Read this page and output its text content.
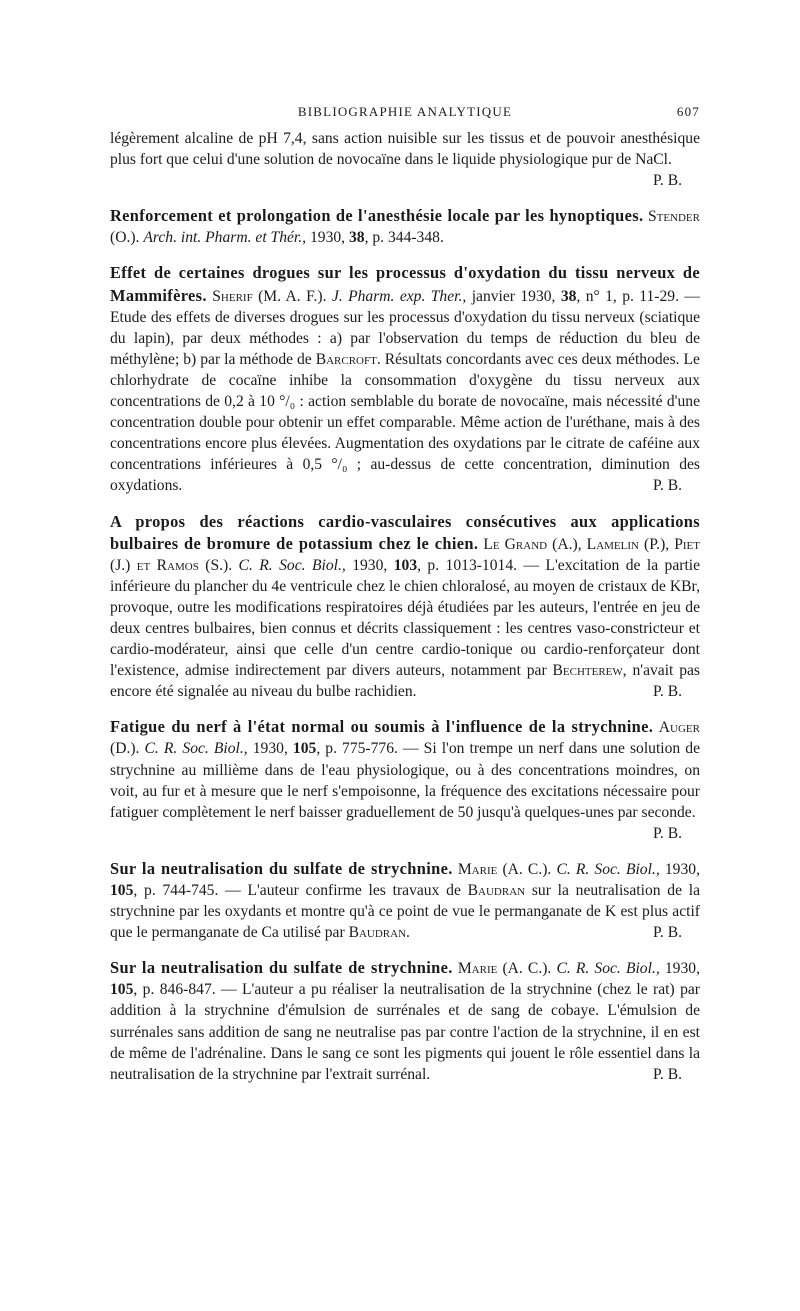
BIBLIOGRAPHIE ANALYTIQUE	607

légèrement alcaline de pH 7,4, sans action nuisible sur les tissus et de pouvoir anesthésique plus fort que celui d'une solution de novocaïne dans le liquide physiologique pur de NaCl.
P. B.

Renforcement et prolongation de l'anesthésie locale par les hynoptiques. Stender (O.). Arch. int. Pharm. et Thér., 1930, 38, p. 344-348.

Effet de certaines drogues sur les processus d'oxydation du tissu nerveux de Mammifères. Sherif (M. A. F.). J. Pharm. exp. Ther., janvier 1930, 38, n° 1, p. 11-29. — Etude des effets de diverses drogues sur les processus d'oxydation du tissu nerveux (sciatique du lapin), par deux méthodes : a) par l'observation du temps de réduction du bleu de méthylène; b) par la méthode de Barcroft. Résultats concordants avec ces deux méthodes. Le chlorhydrate de cocaïne inhibe la consommation d'oxygène du tissu nerveux aux concentrations de 0,2 à 10 °/₀ : action semblable du borate de novocaïne, mais nécessité d'une concentration double pour obtenir un effet comparable. Même action de l'uréthane, mais à des concentrations encore plus élevées. Augmentation des oxydations par le citrate de caféine aux concentrations inférieures à 0,5 °/₀ ; au-dessus de cette concentration, diminution des oxydations.	P. B.

A propos des réactions cardio-vasculaires consécutives aux applications bulbaires de bromure de potassium chez le chien. Le Grand (A.), Lamelin (P.), Piet (J.) et Ramos (S.). C. R. Soc. Biol., 1930, 103, p. 1013-1014. — L'excitation de la partie inférieure du plancher du 4e ventricule chez le chien chloralosé, au moyen de cristaux de KBr, provoque, outre les modifications respiratoires déjà étudiées par les auteurs, l'entrée en jeu de deux centres bulbaires, bien connus et décrits classiquement : les centres vaso-constricteur et cardio-modérateur, ainsi que celle d'un centre cardio-tonique ou cardio-renforçateur dont l'existence, admise indirectement par divers auteurs, notamment par Bechterew, n'avait pas encore été signalée au niveau du bulbe rachidien.	P. B.

Fatigue du nerf à l'état normal ou soumis à l'influence de la strychnine. Auger (D.). C. R. Soc. Biol., 1930, 105, p. 775-776. — Si l'on trempe un nerf dans une solution de strychnine au millième dans de l'eau physiologique, ou à des concentrations moindres, on voit, au fur et à mesure que le nerf s'empoisonne, la fréquence des excitations nécessaire pour fatiguer complètement le nerf baisser graduellement de 50 jusqu'à quelques-unes par seconde.
P. B.

Sur la neutralisation du sulfate de strychnine. Marie (A. C.). C. R. Soc. Biol., 1930, 105, p. 744-745. — L'auteur confirme les travaux de Baudran sur la neutralisation de la strychnine par les oxydants et montre qu'à ce point de vue le permanganate de K est plus actif que le permanganate de Ca utilisé par Baudran.	P. B.

Sur la neutralisation du sulfate de strychnine. Marie (A. C.). C. R. Soc. Biol., 1930, 105, p. 846-847. — L'auteur a pu réaliser la neutralisation de la strychnine (chez le rat) par addition à la strychnine d'émulsion de surrénales et de sang de cobaye. L'émulsion de surrénales sans addition de sang ne neutralise pas par contre l'action de la strychnine, il en est de même de l'adrénaline. Dans le sang ce sont les pigments qui jouent le rôle essentiel dans la neutralisation de la strychnine par l'extrait surrénal.	P. B.
